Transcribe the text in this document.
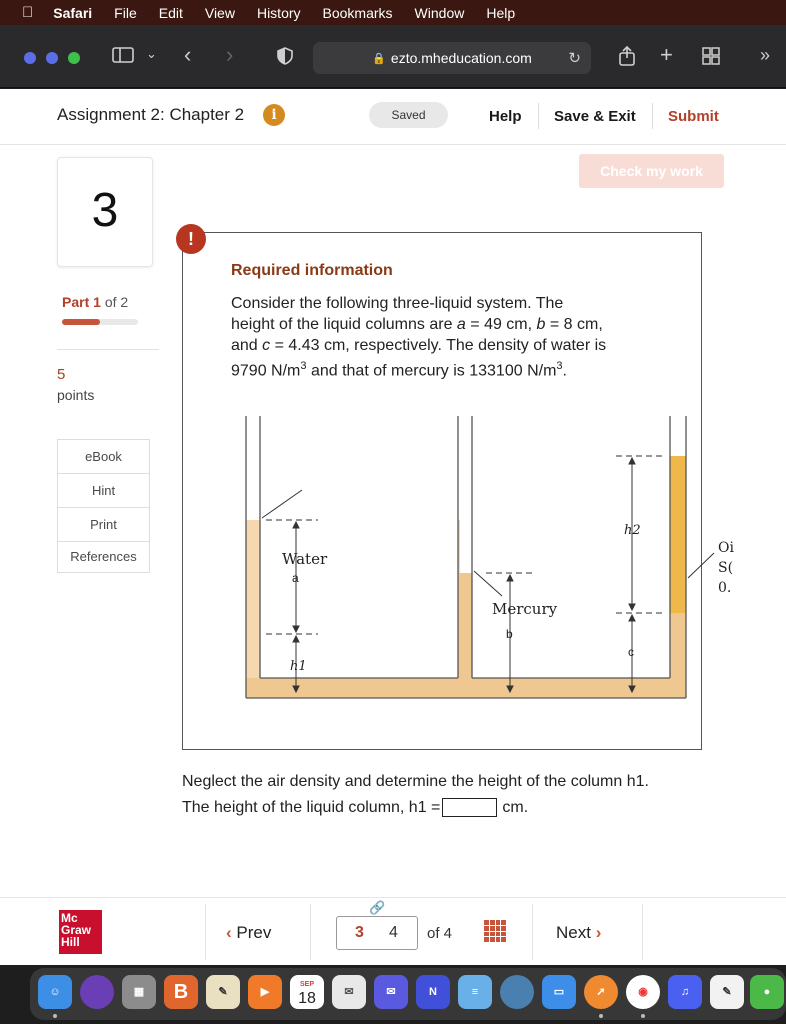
Safari File Edit View History Bookmarks Window Help
⌄ ‹ ›	🔒 ezto.mheducation.com ↻	+	»
Assignment 2: Chapter 2	i	Saved	Help Save & Exit Submit
Check my work
3
Part 1 of 2
5
points
eBook
Hint
Print
References
!
Required information
Consider the following three-liquid system. The
height of the liquid columns are a = 49 cm, b = 8 cm,
and c = 4.43 cm, respectively. The density of water is
9790 $N/m^3$ and that of mercury is 133100 $N/m^3$.
Water
Mercury
Oi
S(
0.
a
b
c
h1
h2
Neglect the air density and determine the height of the column h1.
The height of the liquid column, h1 =	cm.
Mc
Graw
Hill	‹ Prev	3 4
🔗
of 4	Next ›
☺	▦	B	✎	▶
SEP
18	✉	✉	N	≡	▭	➚	◉	♫	✎	●
